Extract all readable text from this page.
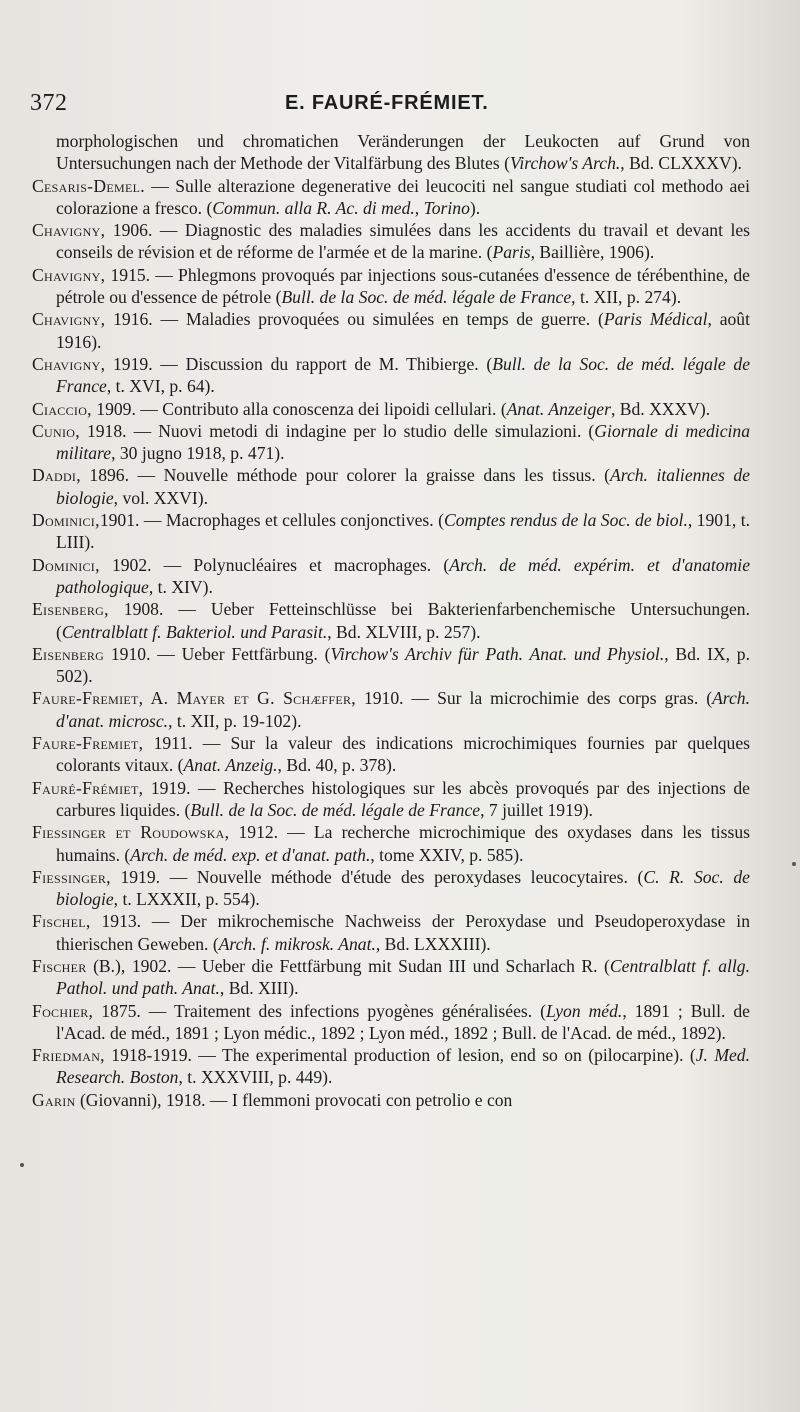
372	E. FAURÉ-FRÉMIET.

morphologischen und chromatichen Veränderungen der Leukocten auf Grund von Untersuchungen nach der Methode der Vitalfärbung des Blutes (Virchow's Arch., Bd. CLXXXV).

Cesaris-Demel. — Sulle alterazione degenerative dei leucociti nel sangue studiati col methodo aei colorazione a fresco. (Commun. alla R. Ac. di med., Torino).

Chavigny, 1906. — Diagnostic des maladies simulées dans les accidents du travail et devant les conseils de révision et de réforme de l'armée et de la marine. (Paris, Baillière, 1906).

Chavigny, 1915. — Phlegmons provoqués par injections sous-cutanées d'essence de térébenthine, de pétrole ou d'essence de pétrole (Bull. de la Soc. de méd. légale de France, t. XII, p. 274).

Chavigny, 1916. — Maladies provoquées ou simulées en temps de guerre. (Paris Médical, août 1916).

Chavigny, 1919. — Discussion du rapport de M. Thibierge. (Bull. de la Soc. de méd. légale de France, t. XVI, p. 64).

Ciaccio, 1909. — Contributo alla conoscenza dei lipoidi cellulari. (Anat. Anzeiger, Bd. XXXV).

Cunio, 1918. — Nuovi metodi di indagine per lo studio delle simulazioni. (Giornale di medicina militare, 30 jugno 1918, p. 471).

Daddi, 1896. — Nouvelle méthode pour colorer la graisse dans les tissus. (Arch. italiennes de biologie, vol. XXVI).

Dominici,1901. — Macrophages et cellules conjonctives. (Comptes rendus de la Soc. de biol., 1901, t. LIII).

Dominici, 1902. — Polynucléaires et macrophages. (Arch. de méd. expérim. et d'anatomie pathologique, t. XIV).

Eisenberg, 1908. — Ueber Fetteinschlüsse bei Bakterienfarbenchemische Untersuchungen. (Centralblatt f. Bakteriol. und Parasit., Bd. XLVIII, p. 257).

Eisenberg 1910. — Ueber Fettfärbung. (Virchow's Archiv für Path. Anat. und Physiol., Bd. IX, p. 502).

Faure-Fremiet, A. Mayer et G. Schæffer, 1910. — Sur la microchimie des corps gras. (Arch. d'anat. microsc., t. XII, p. 19-102).

Faure-Fremiet, 1911. — Sur la valeur des indications microchimiques fournies par quelques colorants vitaux. (Anat. Anzeig., Bd. 40, p. 378).

Fauré-Frémiet, 1919. — Recherches histologiques sur les abcès provoqués par des injections de carbures liquides. (Bull. de la Soc. de méd. légale de France, 7 juillet 1919).

Fiessinger et Roudowska, 1912. — La recherche microchimique des oxydases dans les tissus humains. (Arch. de méd. exp. et d'anat. path., tome XXIV, p. 585).

Fiessinger, 1919. — Nouvelle méthode d'étude des peroxydases leucocytaires. (C. R. Soc. de biologie, t. LXXXII, p. 554).

Fischel, 1913. — Der mikrochemische Nachweiss der Peroxydase und Pseudoperoxydase in thierischen Geweben. (Arch. f. mikrosk. Anat., Bd. LXXXIII).

Fischer (B.), 1902. — Ueber die Fettfärbung mit Sudan III und Scharlach R. (Centralblatt f. allg. Pathol. und path. Anat., Bd. XIII).

Fochier, 1875. — Traitement des infections pyogènes généralisées. (Lyon méd., 1891 ; Bull. de l'Acad. de méd., 1891 ; Lyon médic., 1892 ; Lyon méd., 1892 ; Bull. de l'Acad. de méd., 1892).

Friedman, 1918-1919. — The experimental production of lesion, end so on (pilocarpine). (J. Med. Research. Boston, t. XXXVIII, p. 449).

Garin (Giovanni), 1918. — I flemmoni provocati con petrolio e con
